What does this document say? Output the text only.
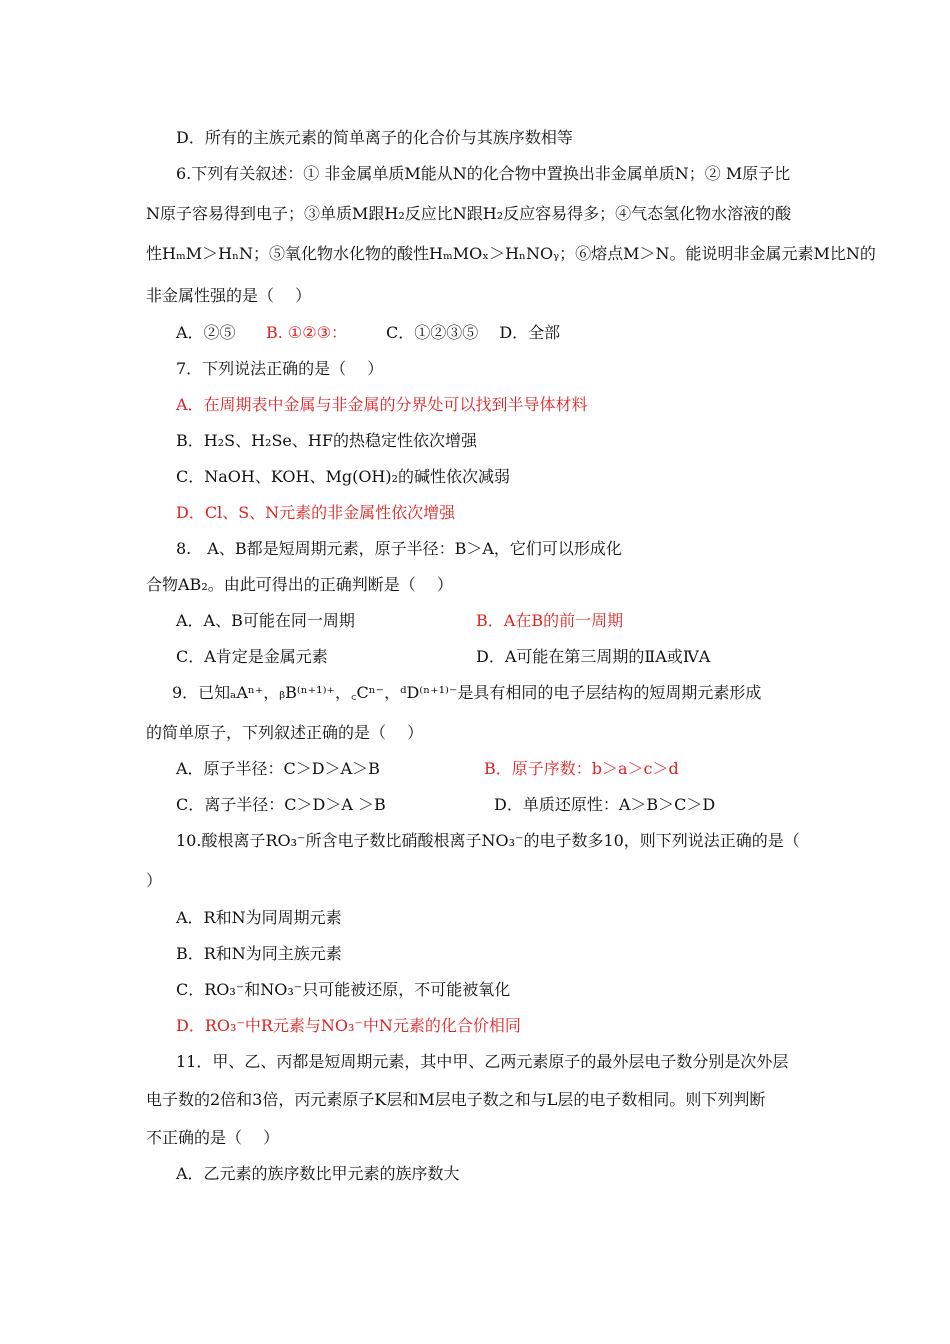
D．所有的主族元素的简单离子的化合价与其族序数相等
6.下列有关叙述：① 非金属单质M能从N的化合物中置换出非金属单质N；② M原子比
N原子容易得到电子；③单质M跟H₂反应比N跟H₂反应容易得多；④气态氢化物水溶液的酸
性HₘM＞HₙN；⑤氧化物水化物的酸性HₘMOₓ＞HₙNOᵧ；⑥熔点M＞N。能说明非金属元素M比N的
非金属性强的是（　 ）
A．②⑤ B. ①②③： C．①②③⑤　 D．全部
7．下列说法正确的是（　 ）
A．在周期表中金属与非金属的分界处可以找到半导体材料
B．H₂S、H₂Se、HF的热稳定性依次增强
C．NaOH、KOH、Mg(OH)₂的碱性依次减弱
D．Cl、S、N元素的非金属性依次增强
8.　A、B都是短周期元素，原子半径：B＞A，它们可以形成化
合物AB₂。由此可得出的正确判断是（　 ）
A．A、B可能在同一周期	B．A在B的前一周期
C．A肯定是金属元素	D．A可能在第三周期的ⅡA或ⅣA
9．已知ₐAⁿ⁺，ᵦB⁽ⁿ⁺¹⁾⁺，꜀Cⁿ⁻，ᵈD⁽ⁿ⁺¹⁾⁻是具有相同的电子层结构的短周期元素形成
的简单原子，下列叙述正确的是（　 ）
A．原子半径：C＞D＞A＞B	B．原子序数：b＞a＞c＞d
C．离子半径：C＞D＞A ＞B	D．单质还原性：A＞B＞C＞D
10.酸根离子RO₃⁻所含电子数比硝酸根离子NO₃⁻的电子数多10，则下列说法正确的是（
）
A．R和N为同周期元素
B．R和N为同主族元素
C．RO₃⁻和NO₃⁻只可能被还原，不可能被氧化
D．RO₃⁻中R元素与NO₃⁻中N元素的化合价相同
11．甲、乙、丙都是短周期元素，其中甲、乙两元素原子的最外层电子数分别是次外层
电子数的2倍和3倍，丙元素原子K层和M层电子数之和与L层的电子数相同。则下列判断
不正确的是（　 ）
A．乙元素的族序数比甲元素的族序数大
